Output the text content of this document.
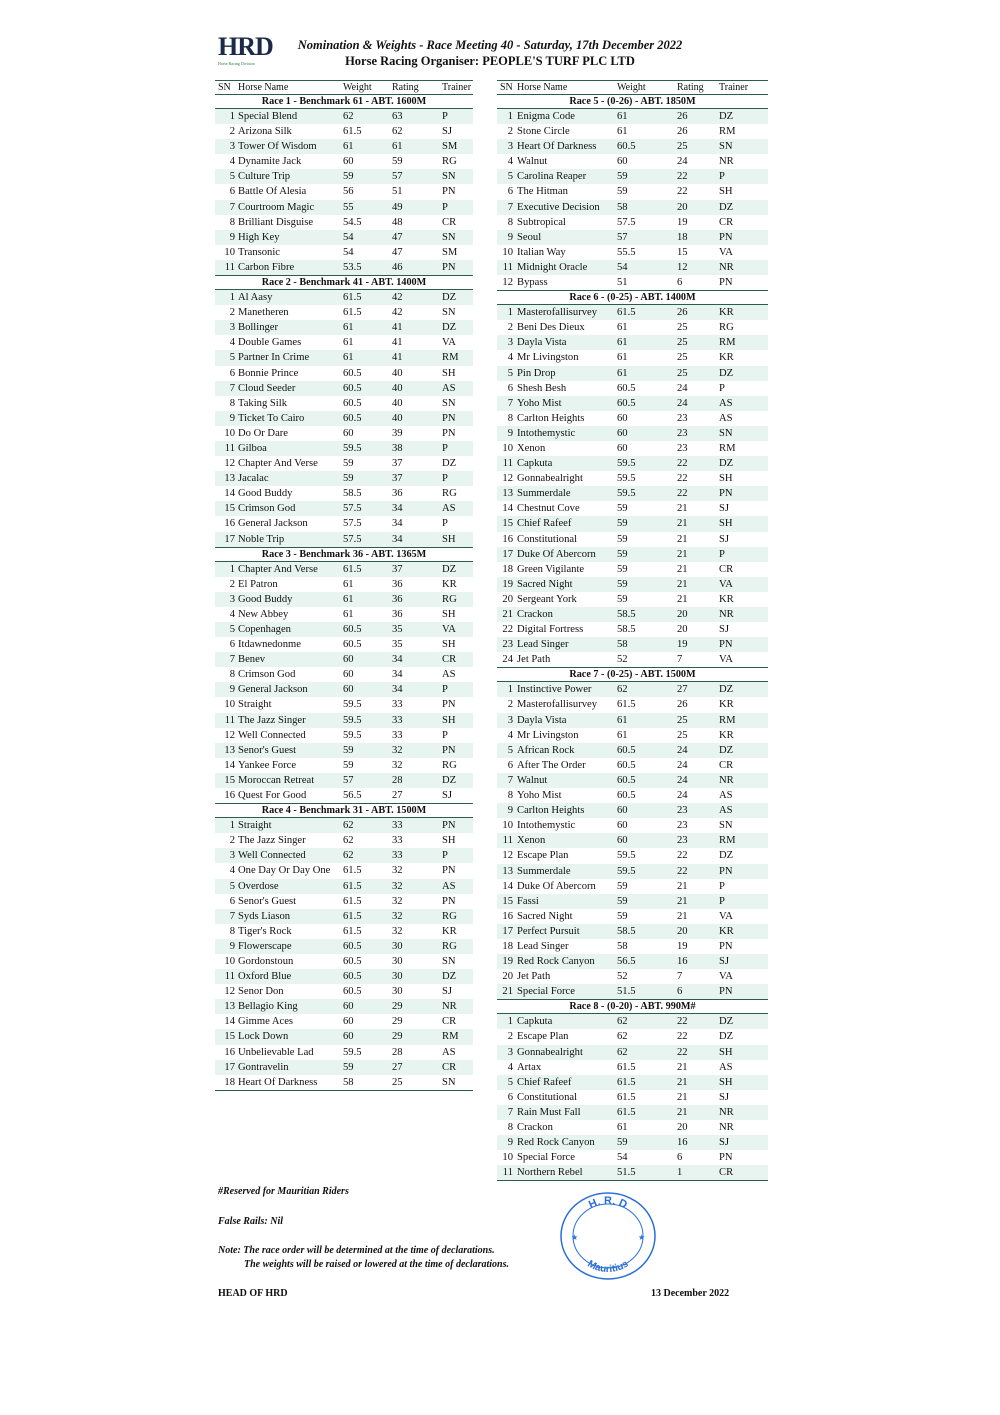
HRD
Horse Racing Division
Nomination & Weights - Race Meeting 40 - Saturday, 17th December 2022
Horse Racing Organiser: PEOPLE'S TURF PLC LTD
SN Horse Name	Weight Rating Trainer
Race 1 - Benchmark 61 - ABT. 1600M
1 Special Blend	62	63	P
2 Arizona Silk	61.5	62	SJ
3 Tower Of Wisdom 61	61	SM
4 Dynamite Jack	60	59	RG
5 Culture Trip	59	57	SN
6 Battle Of Alesia	56	51	PN
7 Courtroom Magic	55	49	P
8 Brilliant Disguise	54.5	48	CR
9 High Key	54	47	SN
10 Transonic	54	47	SM
11 Carbon Fibre	53.5	46	PN
Race 2 - Benchmark 41 - ABT. 1400M
1 Al Aasy	61.5	42	DZ
2 Manetheren	61.5	42	SN
3 Bollinger	61	41	DZ
4 Double Games	61	41	VA
5 Partner In Crime	61	41	RM
6 Bonnie Prince	60.5	40	SH
7 Cloud Seeder	60.5	40	AS
8 Taking Silk	60.5	40	SN
9 Ticket To Cairo	60.5	40	PN
10 Do Or Dare	60	39	PN
11 Gilboa	59.5	38	P
12 Chapter And Verse 59	37	DZ
13 Jacalac	59	37	P
14 Good Buddy	58.5	36	RG
15 Crimson God	57.5	34	AS
16 General Jackson	57.5	34	P
17 Noble Trip	57.5	34	SH
Race 3 - Benchmark 36 - ABT. 1365M
1 Chapter And Verse 61.5	37	DZ
2 El Patron	61	36	KR
3 Good Buddy	61	36	RG
4 New Abbey	61	36	SH
5 Copenhagen	60.5	35	VA
6 Itdawnedonme	60.5	35	SH
7 Benev	60	34	CR
8 Crimson God	60	34	AS
9 General Jackson	60	34	P
10 Straight	59.5	33	PN
11 The Jazz Singer	59.5	33	SH
12 Well Connected	59.5	33	P
13 Senor's Guest	59	32	PN
14 Yankee Force	59	32	RG
15 Moroccan Retreat	57	28	DZ
16 Quest For Good	56.5	27	SJ
Race 4 - Benchmark 31 - ABT. 1500M
1 Straight	62	33	PN
2 The Jazz Singer	62	33	SH
3 Well Connected	62	33	P
4 One Day Or Day One 61.5	32	PN
5 Overdose	61.5	32	AS
6 Senor's Guest	61.5	32	PN
7 Syds Liason	61.5	32	RG
8 Tiger's Rock	61.5	32	KR
9 Flowerscape	60.5	30	RG
10 Gordonstoun	60.5	30	SN
11 Oxford Blue	60.5	30	DZ
12 Senor Don	60.5	30	SJ
13 Bellagio King	60	29	NR
14 Gimme Aces	60	29	CR
15 Lock Down	60	29	RM
16 Unbelievable Lad	59.5	28	AS
17 Gontravelin	59	27	CR
18 Heart Of Darkness 58	25	SN
SN Horse Name	Weight	Rating Trainer
Race 5 - (0-26) - ABT. 1850M
1 Enigma Code	61	26	DZ
2 Stone Circle	61	26	RM
3 Heart Of Darkness 60.5	25	SN
4 Walnut	60	24	NR
5 Carolina Reaper	59	22	P
6 The Hitman	59	22	SH
7 Executive Decision 58	20	DZ
8 Subtropical	57.5	19	CR
9 Seoul	57	18	PN
10 Italian Way	55.5	15	VA
11 Midnight Oracle	54	12	NR
12 Bypass	51	6	PN
Race 6 - (0-25) - ABT. 1400M
1 Masterofallisurvey 61.5	26	KR
2 Beni Des Dieux	61	25	RG
3 Dayla Vista	61	25	RM
4 Mr Livingston	61	25	KR
5 Pin Drop	61	25	DZ
6 Shesh Besh	60.5	24	P
7 Yoho Mist	60.5	24	AS
8 Carlton Heights	60	23	AS
9 Intothemystic	60	23	SN
10 Xenon	60	23	RM
11 Capkuta	59.5	22	DZ
12 Gonnabealright	59.5	22	SH
13 Summerdale	59.5	22	PN
14 Chestnut Cove	59	21	SJ
15 Chief Rafeef	59	21	SH
16 Constitutional	59	21	SJ
17 Duke Of Abercorn 59	21	P
18 Green Vigilante	59	21	CR
19 Sacred Night	59	21	VA
20 Sergeant York	59	21	KR
21 Crackon	58.5	20	NR
22 Digital Fortress	58.5	20	SJ
23 Lead Singer	58	19	PN
24 Jet Path	52	7	VA
Race 7 - (0-25) - ABT. 1500M
1 Instinctive Power 62	27	DZ
2 Masterofallisurvey 61.5	26	KR
3 Dayla Vista	61	25	RM
4 Mr Livingston	61	25	KR
5 African Rock	60.5	24	DZ
6 After The Order	60.5	24	CR
7 Walnut	60.5	24	NR
8 Yoho Mist	60.5	24	AS
9 Carlton Heights	60	23	AS
10 Intothemystic	60	23	SN
11 Xenon	60	23	RM
12 Escape Plan	59.5	22	DZ
13 Summerdale	59.5	22	PN
14 Duke Of Abercorn 59	21	P
15 Fassi	59	21	P
16 Sacred Night	59	21	VA
17 Perfect Pursuit	58.5	20	KR
18 Lead Singer	58	19	PN
19 Red Rock Canyon 56.5	16	SJ
20 Jet Path	52	7	VA
21 Special Force	51.5	6	PN
Race 8 - (0-20) - ABT. 990M#
1 Capkuta	62	22	DZ
2 Escape Plan	62	22	DZ
3 Gonnabealright	62	22	SH
4 Artax	61.5	21	AS
5 Chief Rafeef	61.5	21	SH
6 Constitutional	61.5	21	SJ
7 Rain Must Fall	61.5	21	NR
8 Crackon	61	20	NR
9 Red Rock Canyon 59	16	SJ
10 Special Force	54	6	PN
11 Northern Rebel	51.5	1	CR
#Reserved for Mauritian Riders
False Rails: Nil
Note: The race order will be determined at the time of declarations.
The weights will be raised or lowered at the time of declarations.
HEAD OF HRD	13 December 2022
H. R. D
Mauritius
★	★
